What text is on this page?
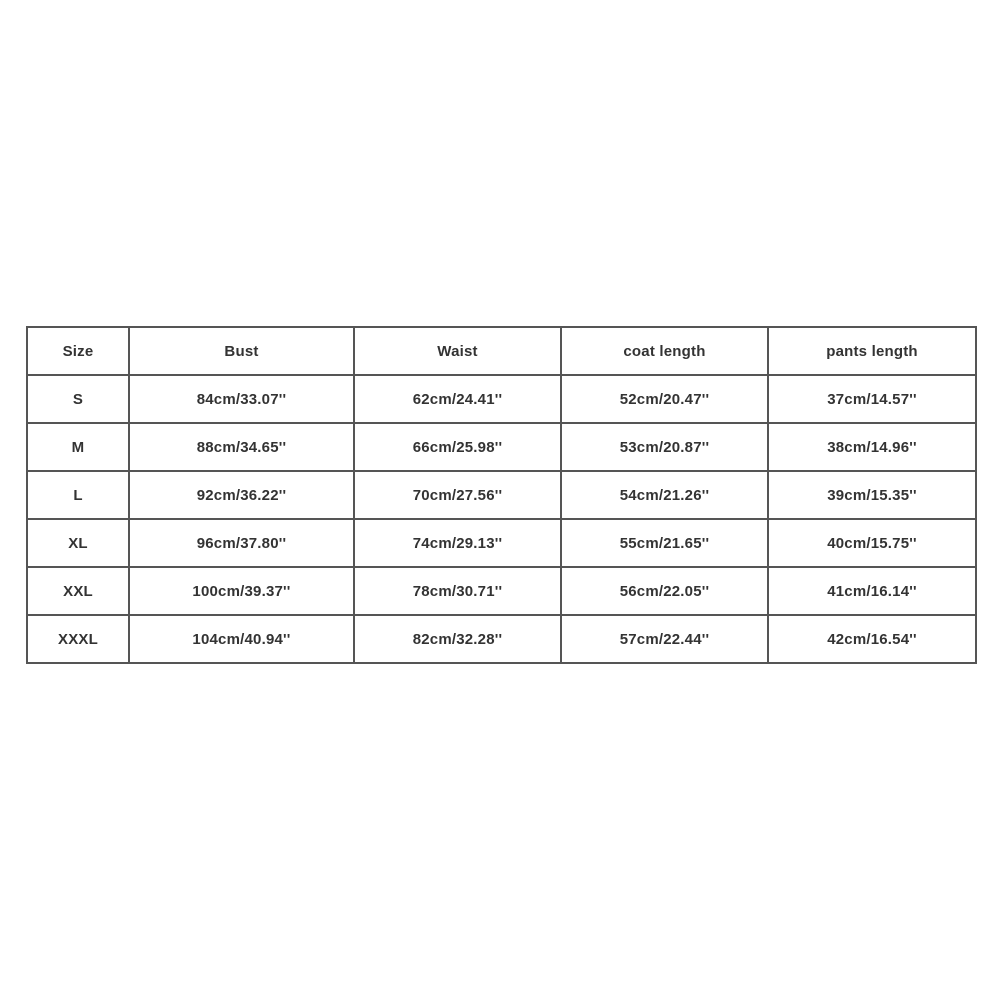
Size	Bust	Waist	coat length	pants length
S	84cm/33.07''	62cm/24.41''	52cm/20.47''	37cm/14.57''
M	88cm/34.65''	66cm/25.98''	53cm/20.87''	38cm/14.96''
L	92cm/36.22''	70cm/27.56''	54cm/21.26''	39cm/15.35''
XL	96cm/37.80''	74cm/29.13''	55cm/21.65''	40cm/15.75''
XXL	100cm/39.37''	78cm/30.71''	56cm/22.05''	41cm/16.14''
XXXL	104cm/40.94''	82cm/32.28''	57cm/22.44''	42cm/16.54''
